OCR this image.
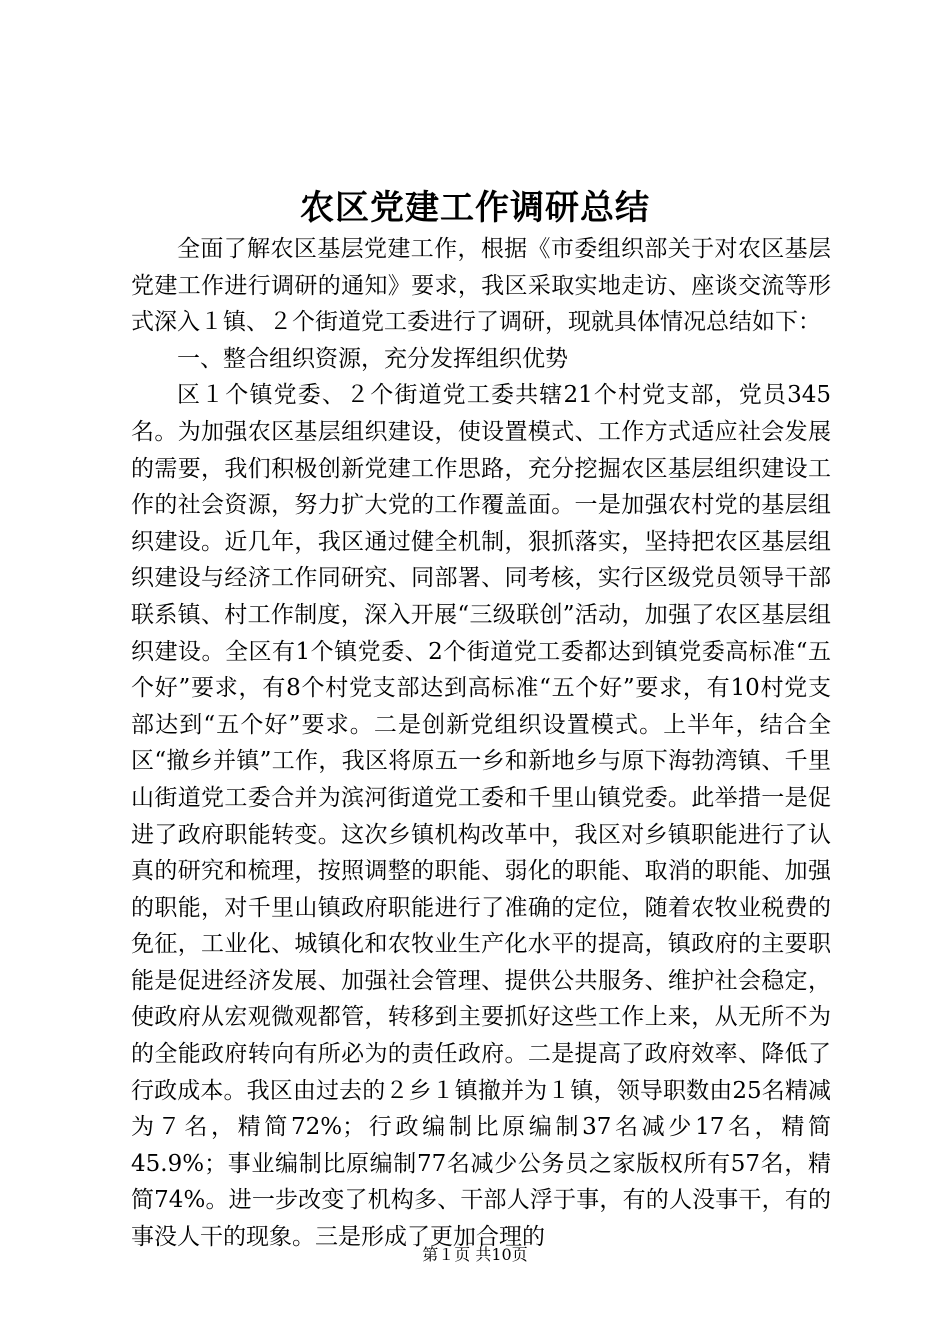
农区党建工作调研总结

全面了解农区基层党建工作，根据《市委组织部关于对农区基层党建工作进行调研的通知》要求，我区采取实地走访、座谈交流等形式深入１镇、２个街道党工委进行了调研，现就具体情况总结如下：

一、整合组织资源，充分发挥组织优势

区１个镇党委、２个街道党工委共辖21个村党支部，党员345名。为加强农区基层组织建设，使设置模式、工作方式适应社会发展的需要，我们积极创新党建工作思路，充分挖掘农区基层组织建设工作的社会资源，努力扩大党的工作覆盖面。一是加强农村党的基层组织建设。近几年，我区通过健全机制，狠抓落实，坚持把农区基层组织建设与经济工作同研究、同部署、同考核，实行区级党员领导干部联系镇、村工作制度，深入开展“三级联创”活动，加强了农区基层组织建设。全区有1个镇党委、2个街道党工委都达到镇党委高标准“五个好”要求，有8个村党支部达到高标准“五个好”要求，有10村党支部达到“五个好”要求。二是创新党组织设置模式。上半年，结合全区“撤乡并镇”工作，我区将原五一乡和新地乡与原下海勃湾镇、千里山街道党工委合并为滨河街道党工委和千里山镇党委。此举措一是促进了政府职能转变。这次乡镇机构改革中，我区对乡镇职能进行了认真的研究和梳理，按照调整的职能、弱化的职能、取消的职能、加强的职能，对千里山镇政府职能进行了准确的定位，随着农牧业税费的免征，工业化、城镇化和农牧业生产化水平的提高，镇政府的主要职能是促进经济发展、加强社会管理、提供公共服务、维护社会稳定，使政府从宏观微观都管，转移到主要抓好这些工作上来，从无所不为的全能政府转向有所必为的责任政府。二是提高了政府效率、降低了行政成本。我区由过去的２乡１镇撤并为１镇，领导职数由25名精减为７名，精简72%；行政编制比原编制37名减少17名，精简45.9%；事业编制比原编制77名减少公务员之家版权所有57名，精简74%。进一步改变了机构多、干部人浮于事，有的人没事干，有的事没人干的现象。三是形成了更加合理的

第１页 共10页
